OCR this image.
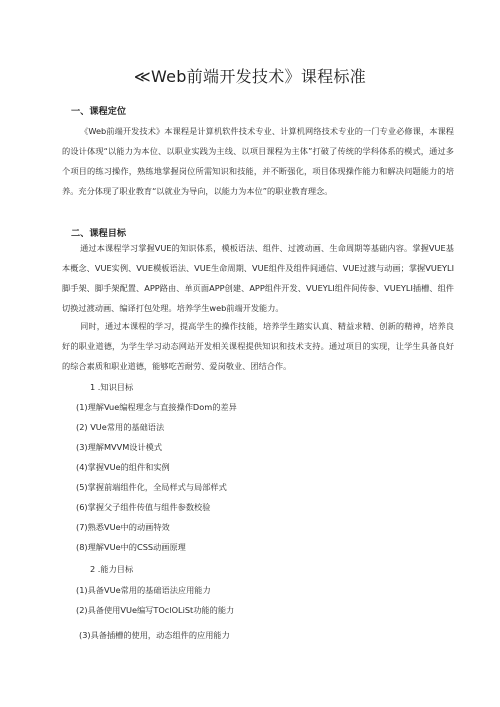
≪Web前端开发技术》课程标准
一、课程定位
《Web前端开发技术》本课程是计算机软件技术专业、计算机网络技术专业的一门专业必修课，本课程的设计体现“以能力为本位、以职业实践为主线、以项目课程为主体”打破了传统的学科体系的模式，通过多个项目的练习操作，熟练地掌握岗位所需知识和技能，并不断强化，项目体现操作能力和解决问题能力的培养。充分体现了职业教育“以就业为导向，以能力为本位”的职业教育理念。
二、课程目标
通过本课程学习掌握VUE的知识体系，模板语法、组件、过渡动画、生命周期等基础内容。掌握VUE基本概念、VUE实例、VUE模板语法、VUE生命周期、VUE组件及组件间通信、VUE过渡与动画；掌握VUEYLI脚手架、脚手架配置、APP路由、单页面APP创建、APP组件开发、VUEYLI组件间传参、VUEYLI插槽、组件切换过渡动画、编译打包处理。培养学生web前端开发能力。
同时，通过本课程的学习，提高学生的操作技能，培养学生踏实认真、精益求精、创新的精神，培养良好的职业道德，为学生学习动态网站开发相关课程提供知识和技术支持。通过项目的实现，让学生具备良好的综合素质和职业道德，能够吃苦耐劳、爱岗敬业、团结合作。
1 .知识目标
(1)理解Vue编程理念与直接操作Dom的差异
(2) VUe常用的基础语法
(3)理解MVVM设计模式
(4)掌握VUe的组件和实例
(5)掌握前端组件化，全局样式与局部样式
(6)掌握父子组件传值与组件参数校验
(7)熟悉VUe中的动画特效
(8)理解VUe中的CSS动画原理
2 .能力目标
(1)具备VUe常用的基础语法应用能力
(2)具备使用VUe编写TOclOLiSt功能的能力
(3)具备插槽的使用，动态组件的应用能力
